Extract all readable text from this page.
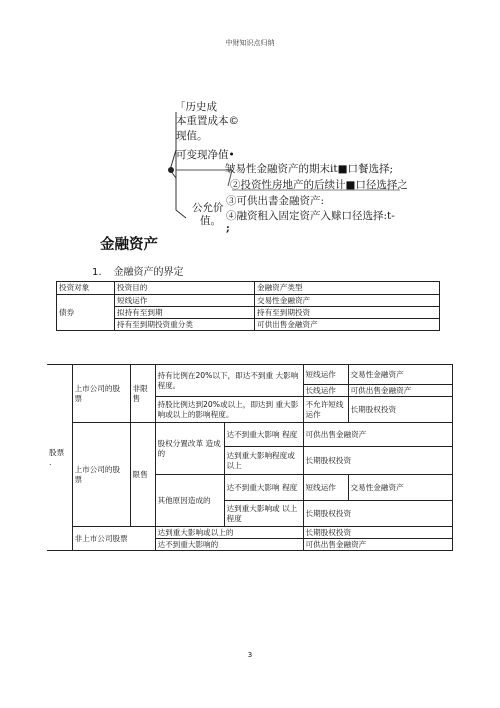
中财知识点归纳
「历史成
本重置成本©
现值。
可变现净值•
公允价
值。
皱易性金融资产的期末it■口餐选择;
②投资性房地产的后续计■口径选择之
③可供出書金融资产:
④融资租入固定资产入赇口径选择:t-
;
金融资产
1. 金融资产的界定
投资对象	投资目的	金融资产类型
债券	短线运作	交易性金融资产
	拟持有至到期	持有至到期投资
	持有至到期投资重分类	可供出售金融资产
股票
.	上市公司的股票	非限售	持有比例在20%以下，即达不到重 大影响程度。		短线运作	交易性金融资产
					长线运作	可供出售金融资产
			持股比例达到20%或以上，即达到 重大影响或以上的影响程度。		不允许短线运作	长期股权投资
	上市公司的股票	限售	股权分置改革 造成的	达不到重大影响 程度	可供出售金融资产	
				达到重大影响程度或以上	长期股权投资	
			其他原因造成的	达不到重大影响 程度	短线运作	交易性金融资产
				达到重大影响或 以上程度	长期股权投资	
	非上市公司股票		达到重大影响或以上的		长期股权投资	
			达不到重大影响的		可供出售金融资产	
3
